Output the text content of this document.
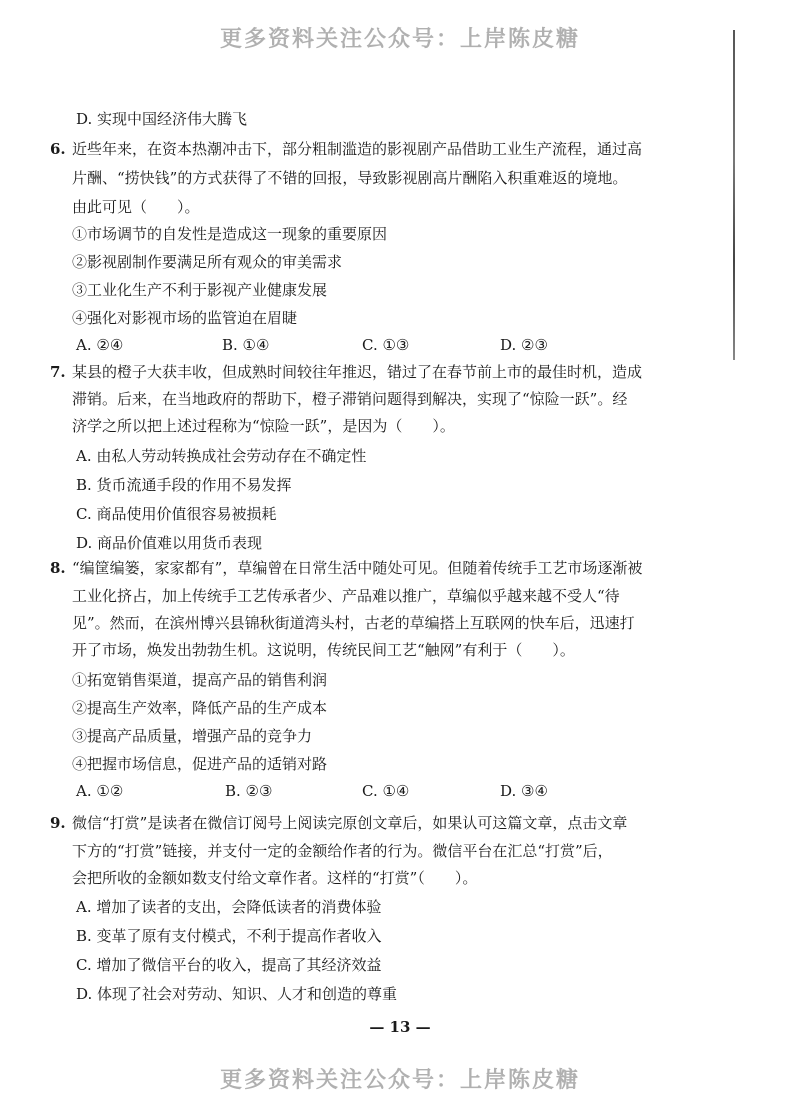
更多资料关注公众号：上岸陈皮糖
D. 实现中国经济伟大腾飞
6. 近些年来，在资本热潮冲击下，部分粗制滥造的影视剧产品借助工业生产流程，通过高
片酬、“捞快钱”的方式获得了不错的回报，导致影视剧高片酬陷入积重难返的境地。
由此可见（　　）。
①市场调节的自发性是造成这一现象的重要原因
②影视剧制作要满足所有观众的审美需求
③工业化生产不利于影视产业健康发展
④强化对影视市场的监管迫在眉睫
A. ②④	B. ①④	C. ①③	D. ②③
7. 某县的橙子大获丰收，但成熟时间较往年推迟，错过了在春节前上市的最佳时机，造成
滞销。后来，在当地政府的帮助下，橙子滞销问题得到解决，实现了“惊险一跃”。经
济学之所以把上述过程称为“惊险一跃”，是因为（　　）。
A. 由私人劳动转换成社会劳动存在不确定性
B. 货币流通手段的作用不易发挥
C. 商品使用价值很容易被损耗
D. 商品价值难以用货币表现
8. “编筐编篓，家家都有”，草编曾在日常生活中随处可见。但随着传统手工艺市场逐渐被
工业化挤占，加上传统手工艺传承者少、产品难以推广，草编似乎越来越不受人“待
见”。然而，在滨州博兴县锦秋街道湾头村，古老的草编搭上互联网的快车后，迅速打
开了市场，焕发出勃勃生机。这说明，传统民间工艺“触网”有利于（　　）。
①拓宽销售渠道，提高产品的销售利润
②提高生产效率，降低产品的生产成本
③提高产品质量，增强产品的竞争力
④把握市场信息，促进产品的适销对路
A. ①②	B. ②③	C. ①④	D. ③④
9. 微信“打赏”是读者在微信订阅号上阅读完原创文章后，如果认可这篇文章，点击文章
下方的“打赏”链接，并支付一定的金额给作者的行为。微信平台在汇总“打赏”后，
会把所收的金额如数支付给文章作者。这样的“打赏”（　　）。
A. 增加了读者的支出，会降低读者的消费体验
B. 变革了原有支付模式，不利于提高作者收入
C. 增加了微信平台的收入，提高了其经济效益
D. 体现了社会对劳动、知识、人才和创造的尊重
— 13 —
更多资料关注公众号：上岸陈皮糖
